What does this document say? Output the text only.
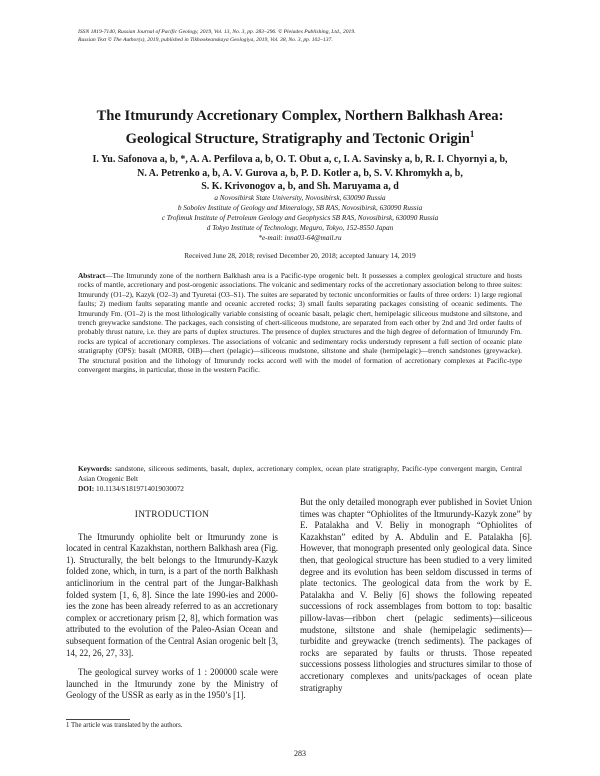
ISSN 1819-7140, Russian Journal of Pacific Geology, 2019, Vol. 13, No. 3, pp. 283–296. © Pleiades Publishing, Ltd., 2019.
Russian Text © The Author(s), 2019, published in Tikhookeanskaya Geologiya, 2019, Vol. 38, No. 3, pp. 102–137.
The Itmurundy Accretionary Complex, Northern Balkhash Area:
Geological Structure, Stratigraphy and Tectonic Origin$^1$
I. Yu. Safonova a, b, *, A. A. Perfilova a, b, O. T. Obut a, c, I. A. Savinsky a, b, R. I. Chyornyi a, b,
N. A. Petrenko a, b, A. V. Gurova a, b, P. D. Kotler a, b, S. V. Khromykh a, b,
S. K. Krivonogov a, b, and Sh. Maruyama a, d
a Novosibirsk State University, Novosibirsk, 630090 Russia
b Sobolev Institute of Geology and Mineralogy, SB RAS, Novosibirsk, 630090 Russia
c Trofimuk Institute of Petroleum Geology and Geophysics SB RAS, Novosibirsk, 630090 Russia
d Tokyo Institute of Technology, Meguro, Tokyo, 152-8550 Japan
*e-mail: inna03-64@mail.ru
Received June 28, 2018; revised December 20, 2018; accepted January 14, 2019
Abstract—The Itmurundy zone of the northern Balkhash area is a Pacific-type orogenic belt. It possesses a complex geological structure and hosts rocks of mantle, accretionary and post-orogenic associations. The volcanic and sedimentary rocks of the accretionary association belong to three suites: Itmurundy (O1–2), Kazyk (O2–3) and Tyuretai (O3–S1). The suites are separated by tectonic unconformities or faults of three orders: 1) large regional faults; 2) medium faults separating mantle and oceanic accreted rocks; 3) small faults separating packages consisting of oceanic sediments. The Itmurundy Fm. (O1–2) is the most lithologically variable consisting of oceanic basalt, pelagic chert, hemipelagic siliceous mudstone and siltstone, and trench greywacke sandstone. The packages, each consisting of chert-siliceous mudstone, are separated from each other by 2nd and 3rd order faults of probably thrust nature, i.e. they are parts of duplex structures. The presence of duplex structures and the high degree of deformation of Itmurundy Fm. rocks are typical of accretionary complexes. The associations of volcanic and sedimentary rocks understudy represent a full section of oceanic plate stratigraphy (OPS): basalt (MORB, OIB)—chert (pelagic)—siliceous mudstone, siltstone and shale (hemipelagic)—trench sandstones (greywacke). The structural position and the lithology of Itmurundy rocks accord well with the model of formation of accretionary complexes at Pacific-type convergent margins, in particular, those in the western Pacific.
Keywords: sandstone, siliceous sediments, basalt, duplex, accretionary complex, ocean plate stratigraphy, Pacific-type convergent margin, Central Asian Orogenic Belt
DOI: 10.1134/S1819714019030072
INTRODUCTION

The Itmurundy ophiolite belt or Itmurundy zone is located in central Kazakhstan, northern Balkhash area (Fig. 1). Structurally, the belt belongs to the Itmurundy-Kazyk folded zone, which, in turn, is a part of the north Balkhash anticlinorium in the central part of the Jungar-Balkhash folded system [1, 6, 8]. Since the late 1990-ies and 2000-ies the zone has been already referred to as an accretionary complex or accretionary prism [2, 8], which formation was attributed to the evolution of the Paleo-Asian Ocean and subsequent formation of the Central Asian orogenic belt [3, 14, 22, 26, 27, 33].

The geological survey works of 1 : 200000 scale were launched in the Itmurundy zone by the Ministry of Geology of the USSR as early as in the 1950’s [1].

But the only detailed monograph ever published in Soviet Union times was chapter “Ophiolites of the Itmurundy-Kazyk zone” by E. Patalakha and V. Beliy in monograph “Ophiolites of Kazakhstan” edited by A. Abdulin and E. Patalakha [6]. However, that monograph presented only geological data. Since then, that geological structure has been studied to a very limited degree and its evolution has been seldom discussed in terms of plate tectonics. The geological data from the work by E. Patalakha and V. Beliy [6] shows the following repeated successions of rock assemblages from bottom to top: basaltic pillow-lavas—ribbon chert (pelagic sediments)—siliceous mudstone, siltstone and shale (hemipelagic sediments)—turbidite and greywacke (trench sediments). The packages of rocks are separated by faults or thrusts. Those repeated successions possess lithologies and structures similar to those of accretionary complexes and units/packages of ocean plate stratigraphy

1 The article was translated by the authors.
283
